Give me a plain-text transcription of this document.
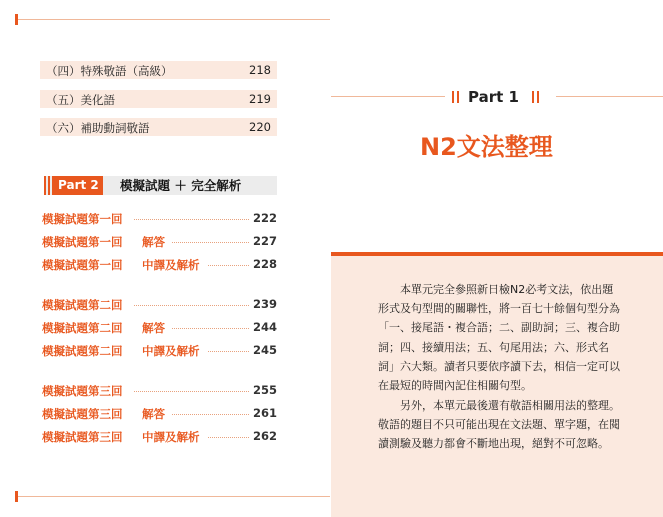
（四）特殊敬語（高級）	218
（五）美化語	219
（六）補助動詞敬語	220
Part 2	模擬試題 ＋ 完全解析
模擬試題第一回	222
模擬試題第一回 解答	227
模擬試題第一回 中譯及解析	228
模擬試題第二回	239
模擬試題第二回 解答	244
模擬試題第二回 中譯及解析	245
模擬試題第三回	255
模擬試題第三回 解答	261
模擬試題第三回 中譯及解析	262
Part 1
N2文法整理
本單元完全參照新日檢N2必考文法，依出題
形式及句型間的關聯性，將一百七十餘個句型分為
「一、接尾語・複合語；二、副助詞；三、複合助
詞；四、接續用法；五、句尾用法；六、形式名
詞」六大類。讀者只要依序讀下去，相信一定可以
在最短的時間內記住相關句型。
另外，本單元最後還有敬語相關用法的整理。
敬語的題目不只可能出現在文法題、單字題，在閱
讀測驗及聽力都會不斷地出現，絕對不可忽略。
